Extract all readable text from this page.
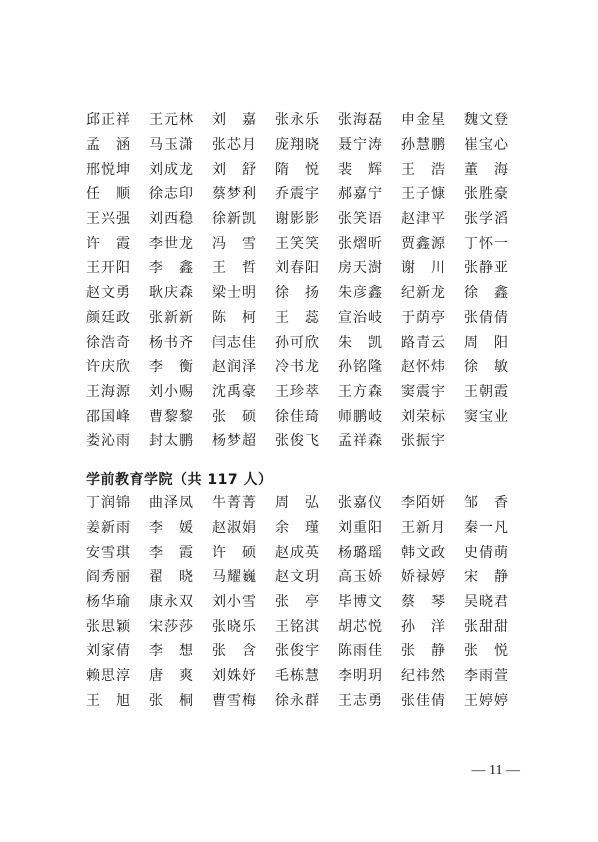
邱正祥 王元林 刘　嘉 张永乐 张海磊 申金星 魏文登
孟　涵 马玉潇 张芯月 庞翔晓 聂宁涛 孙慧鹏 崔宝心
邢悦坤 刘成龙 刘　舒 隋　悦 裴　辉 王　浩 董　海
任　顺 徐志印 蔡梦利 乔震宇 郝嘉宁 王子慷 张胜豪
王兴强 刘西稳 徐新凯 谢影影 张笑语 赵津平 张学滔
许　霞 李世龙 冯　雪 王笑笑 张熠昕 贾鑫源 丁怀一
王开阳 李　鑫 王　哲 刘春阳 房天澍 谢　川 张静亚
赵文勇 耿庆森 梁士明 徐　扬 朱彦鑫 纪新龙 徐　鑫
颜廷政 张新新 陈　柯 王　蕊 宣治岐 于荫亭 张倩倩
徐浩奇 杨书齐 闫志佳 孙可欣 朱　凯 路青云 周　阳
许庆欣 李　衡 赵润泽 冷书龙 孙铭隆 赵怀炜 徐　敏
王海源 刘小赐 沈禹豪 王珍萃 王方森 窦震宇 王朝霞
邵国峰 曹黎黎 张　硕 徐佳琦 师鹏岐 刘荣标 窦宝业
娄沁雨 封太鹏 杨梦超 张俊飞 孟祥森 张振宇
学前教育学院（共 117 人）
丁润锦 曲泽凤 牛菁菁 周　弘 张嘉仪 李陌妍 邹　香
姜新雨 李　媛 赵淑娟 余　瑾 刘重阳 王新月 秦一凡
安雪琪 李　霞 许　硕 赵成英 杨璐瑶 韩文政 史倩萌
阎秀丽 翟　晓 马耀巍 赵文玥 高玉娇 娇禄婷 宋　静
杨华瑜 康永双 刘小雪 张　亭 毕博文 蔡　琴 吴晓君
张思颖 宋莎莎 张晓乐 王铭淇 胡芯悦 孙　洋 张甜甜
刘家倩 李　想 张　含 张俊宇 陈雨佳 张　静 张　悦
赖思淳 唐　爽 刘姝妤 毛栋慧 李明玥 纪祎然 李雨萱
王　旭 张　桐 曹雪梅 徐永群 王志勇 张佳倩 王婷婷
— 11 —
